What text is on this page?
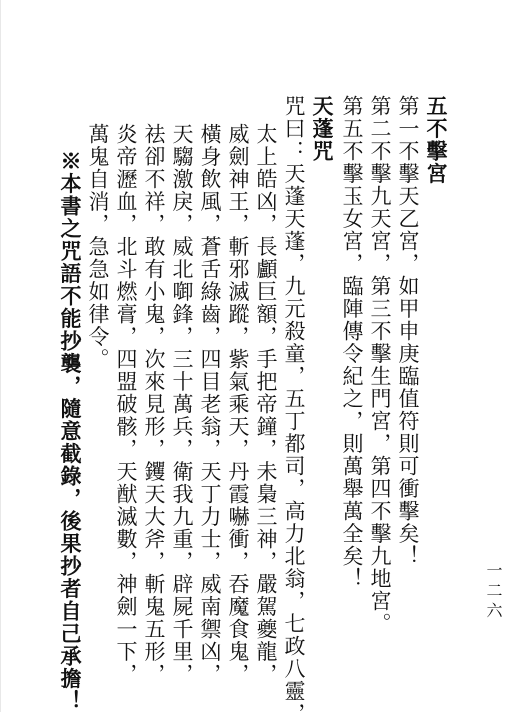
五不擊宮
第一不擊天乙宮，如甲申庚臨值符則可衝擊矣！
第二不擊九天宮，第三不擊生門宮，第四不擊九地宮。
第五不擊玉女宮，臨陣傳令紀之，則萬舉萬全矣！
天蓬咒
咒曰：天蓬天蓬，九元殺童，五丁都司，高力北翁，七政八靈，
太上皓凶，長顱巨額，手把帝鐘，未梟三神，嚴駕夔龍，
威劍神王，斬邪滅蹤，紫氣乘天，丹霞嚇衝，吞魔食鬼，
橫身飲風，蒼舌綠齒，四目老翁，天丁力士，威南禦凶，
天騶激戾，威北啣鋒，三十萬兵，衛我九重，辟屍千里，
祛卻不祥，敢有小鬼，次來見形，钁天大斧，斬鬼五形，
炎帝瀝血，北斗燃膏，四盟破骸，天猷滅數，神劍一下，
萬鬼自消，急急如律令。
※本書之咒語不能抄襲，隨意截錄，後果抄者自己承擔！	一二六
